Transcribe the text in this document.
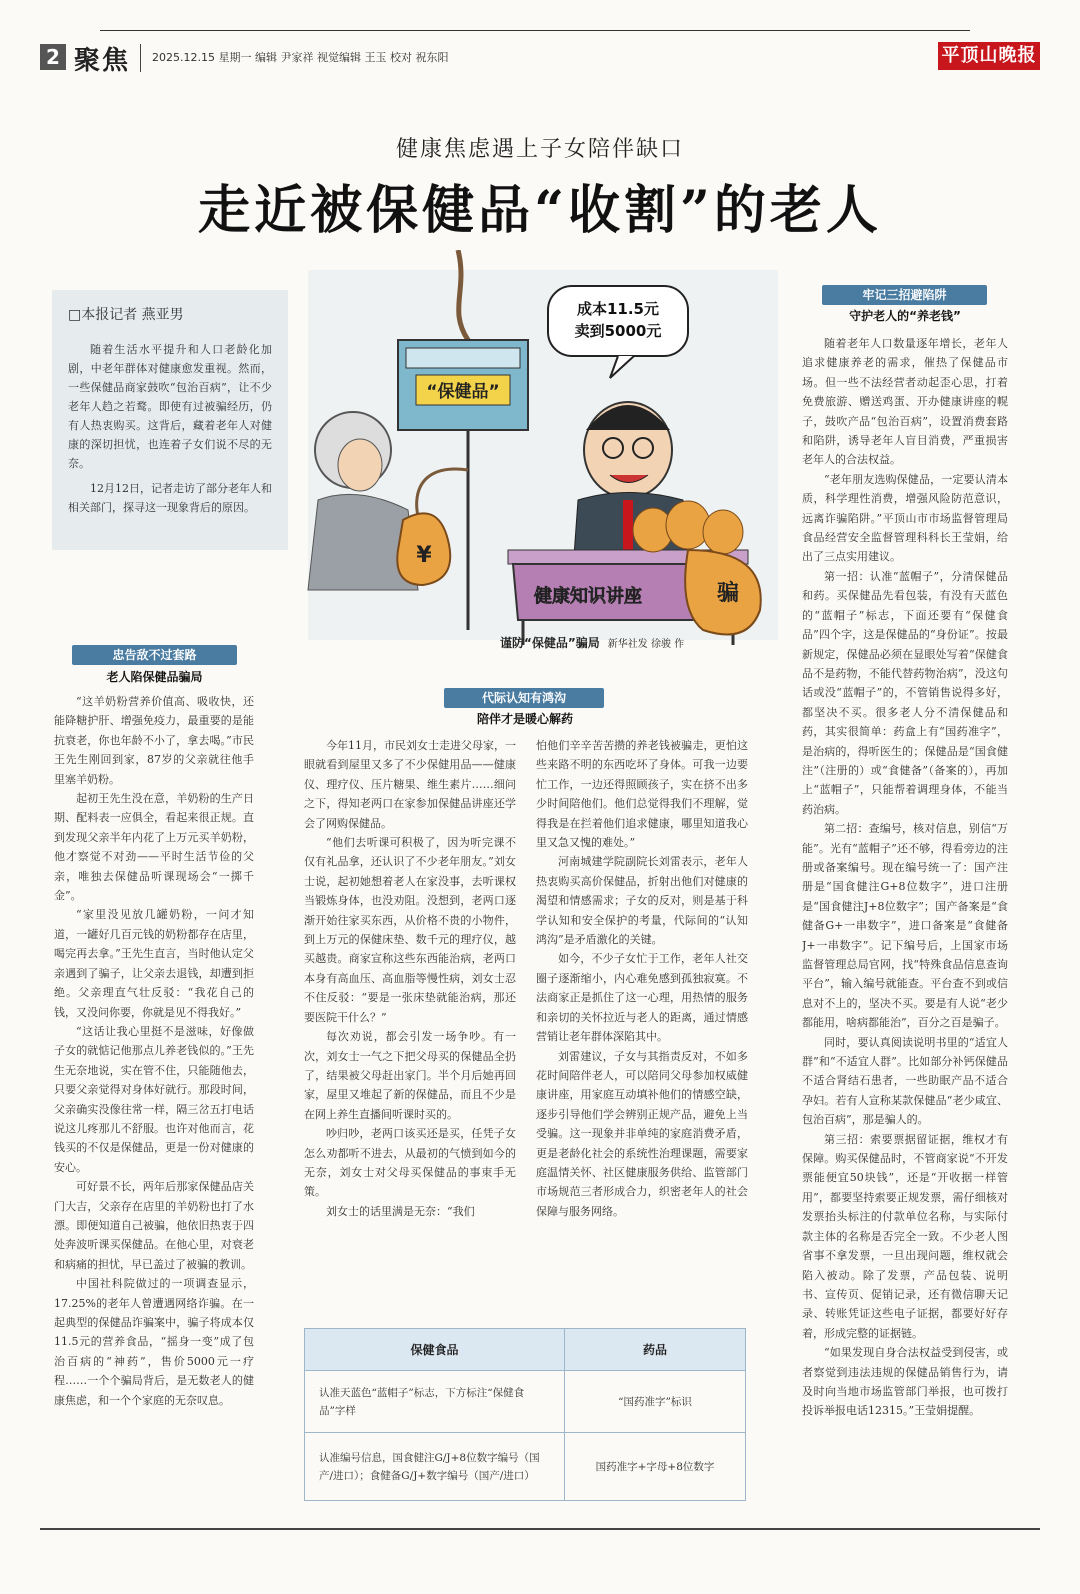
2 聚焦 2025.12.15 星期一 编辑 尹家祥 视觉编辑 王玉 校对 祝东阳	平顶山晚报
健康焦虑遇上子女陪伴缺口
走近被保健品“收割”的老人
□本报记者 燕亚男

随着生活水平提升和人口老龄化加剧，中老年群体对健康愈发重视。然而，一些保健品商家鼓吹“包治百病”，让不少老年人趋之若鹜。即使有过被骗经历，仍有人热衷购买。这背后，藏着老年人对健康的深切担忧，也连着子女们说不尽的无奈。

12月12日，记者走访了部分老年人和相关部门，探寻这一现象背后的原因。

“保健品”
成本11.5元
卖到5000元
¥
健康知识讲座	骗
谨防“保健品”骗局 新华社发 徐骏 作
忠告敌不过套路
老人陷保健品骗局

“这羊奶粉营养价值高、吸收快，还能降糖护肝、增强免疫力，最重要的是能抗衰老，你也年龄不小了，拿去喝。”市民王先生刚回到家，87岁的父亲就往他手里塞羊奶粉。

起初王先生没在意，羊奶粉的生产日期、配料表一应俱全，看起来很正规。直到发现父亲半年内花了上万元买羊奶粉，他才察觉不对劲——平时生活节俭的父亲，唯独去保健品听课现场会“一掷千金”。

“家里没见放几罐奶粉，一问才知道，一罐好几百元钱的奶粉都存在店里，喝完再去拿。”王先生直言，当时他认定父亲遇到了骗子，让父亲去退钱，却遭到拒绝。父亲理直气壮反驳：“我花自己的钱，又没问你要，你就是见不得我好。”

“这话让我心里挺不是滋味，好像做子女的就惦记他那点儿养老钱似的。”王先生无奈地说，实在管不住，只能随他去，只要父亲觉得对身体好就行。那段时间，父亲确实没像往常一样，隔三岔五打电话说这儿疼那儿不舒服。也许对他而言，花钱买的不仅是保健品，更是一份对健康的安心。

可好景不长，两年后那家保健品店关门大吉，父亲存在店里的羊奶粉也打了水漂。即便知道自己被骗，他依旧热衷于四处奔波听课买保健品。在他心里，对衰老和病痛的担忧，早已盖过了被骗的教训。

中国社科院做过的一项调查显示，17.25%的老年人曾遭遇网络诈骗。在一起典型的保健品诈骗案中，骗子将成本仅11.5元的营养食品，“摇身一变”成了包治百病的“神药”，售价5000元一疗程……一个个骗局背后，是无数老人的健康焦虑，和一个个家庭的无奈叹息。

代际认知有鸿沟
陪伴才是暖心解药

今年11月，市民刘女士走进父母家，一眼就看到屋里又多了不少保健用品——健康仪、理疗仪、压片糖果、维生素片……细问之下，得知老两口在家参加保健品讲座还学会了网购保健品。

“他们去听课可积极了，因为听完课不仅有礼品拿，还认识了不少老年朋友。”刘女士说，起初她想着老人在家没事，去听课权当锻炼身体，也没劝阻。没想到，老两口逐渐开始往家买东西，从价格不贵的小物件，到上万元的保健床垫、数千元的理疗仪，越买越贵。商家宣称这些东西能治病，老两口本身有高血压、高血脂等慢性病，刘女士忍不住反驳：“要是一张床垫就能治病，那还要医院干什么？”

每次劝说，都会引发一场争吵。有一次，刘女士一气之下把父母买的保健品全扔了，结果被父母赶出家门。半个月后她再回家，屋里又堆起了新的保健品，而且不少是在网上养生直播间听课时买的。

吵归吵，老两口该买还是买，任凭子女怎么劝都听不进去，从最初的气愤到如今的无奈，刘女士对父母买保健品的事束手无策。

刘女士的话里满是无奈：“我们

怕他们辛辛苦苦攒的养老钱被骗走，更怕这些来路不明的东西吃坏了身体。可我一边要忙工作，一边还得照顾孩子，实在挤不出多少时间陪他们。他们总觉得我们不理解，觉得我是在拦着他们追求健康，哪里知道我心里又急又愧的难处。”

河南城建学院副院长刘雷表示，老年人热衷购买高价保健品，折射出他们对健康的渴望和情感需求；子女的反对，则是基于科学认知和安全保护的考量，代际间的“认知鸿沟”是矛盾激化的关键。

如今，不少子女忙于工作，老年人社交圈子逐渐缩小，内心难免感到孤独寂寞。不法商家正是抓住了这一心理，用热情的服务和亲切的关怀拉近与老人的距离，通过情感营销让老年群体深陷其中。

刘雷建议，子女与其指责反对，不如多花时间陪伴老人，可以陪同父母参加权威健康讲座，用家庭互动填补他们的情感空缺，逐步引导他们学会辨别正规产品，避免上当受骗。这一现象并非单纯的家庭消费矛盾，更是老龄化社会的系统性治理课题，需要家庭温情关怀、社区健康服务供给、监管部门市场规范三者形成合力，织密老年人的社会保障与服务网络。

保健食品	药品
认准天蓝色“蓝帽子”标志，下方标注“保健食品”字样	“国药准字”标识
认准编号信息，国食健注G/J+8位数字编号（国产/进口）；食健备G/J+数字编号（国产/进口）	国药准字+字母+8位数字
牢记三招避陷阱
守护老人的“养老钱”

随着老年人口数量逐年增长，老年人追求健康养老的需求，催热了保健品市场。但一些不法经营者动起歪心思，打着免费旅游、赠送鸡蛋、开办健康讲座的幌子，鼓吹产品“包治百病”，设置消费套路和陷阱，诱导老年人盲目消费，严重损害老年人的合法权益。

“老年朋友选购保健品，一定要认清本质，科学理性消费，增强风险防范意识，远离诈骗陷阱。”平顶山市市场监督管理局食品经营安全监督管理科科长王莹娟，给出了三点实用建议。

第一招：认准“蓝帽子”，分清保健品和药。买保健品先看包装，有没有天蓝色的“蓝帽子”标志，下面还要有“保健食品”四个字，这是保健品的“身份证”。按最新规定，保健品必须在显眼处写着“保健食品不是药物，不能代替药物治病”，没这句话或没“蓝帽子”的，不管销售说得多好，都坚决不买。很多老人分不清保健品和药，其实很简单：药盒上有“国药准字”，是治病的，得听医生的；保健品是“国食健注”（注册的）或“食健备”（备案的），再加上“蓝帽子”，只能帮着调理身体，不能当药治病。

第二招：查编号，核对信息，别信“万能”。光有“蓝帽子”还不够，得看旁边的注册或备案编号。现在编号统一了：国产注册是“国食健注G+8位数字”，进口注册是“国食健注J+8位数字”；国产备案是“食健备G+一串数字”，进口备案是“食健备J+一串数字”。记下编号后，上国家市场监督管理总局官网，找“特殊食品信息查询平台”，输入编号就能查。平台查不到或信息对不上的，坚决不买。要是有人说“老少都能用，啥病都能治”，百分之百是骗子。

同时，要认真阅读说明书里的“适宜人群”和“不适宜人群”。比如部分补钙保健品不适合肾结石患者，一些助眠产品不适合孕妇。若有人宣称某款保健品“老少咸宜、包治百病”，那是骗人的。

第三招：索要票据留证据，维权才有保障。购买保健品时，不管商家说“不开发票能便宜50块钱”，还是“开收据一样管用”，都要坚持索要正规发票，需仔细核对发票抬头标注的付款单位名称，与实际付款主体的名称是否完全一致。不少老人图省事不拿发票，一旦出现问题，维权就会陷入被动。除了发票，产品包装、说明书、宣传页、促销记录，还有微信聊天记录、转账凭证这些电子证据，都要好好存着，形成完整的证据链。

“如果发现自身合法权益受到侵害，或者察觉到违法违规的保健品销售行为，请及时向当地市场监管部门举报，也可拨打投诉举报电话12315。”王莹娟提醒。
